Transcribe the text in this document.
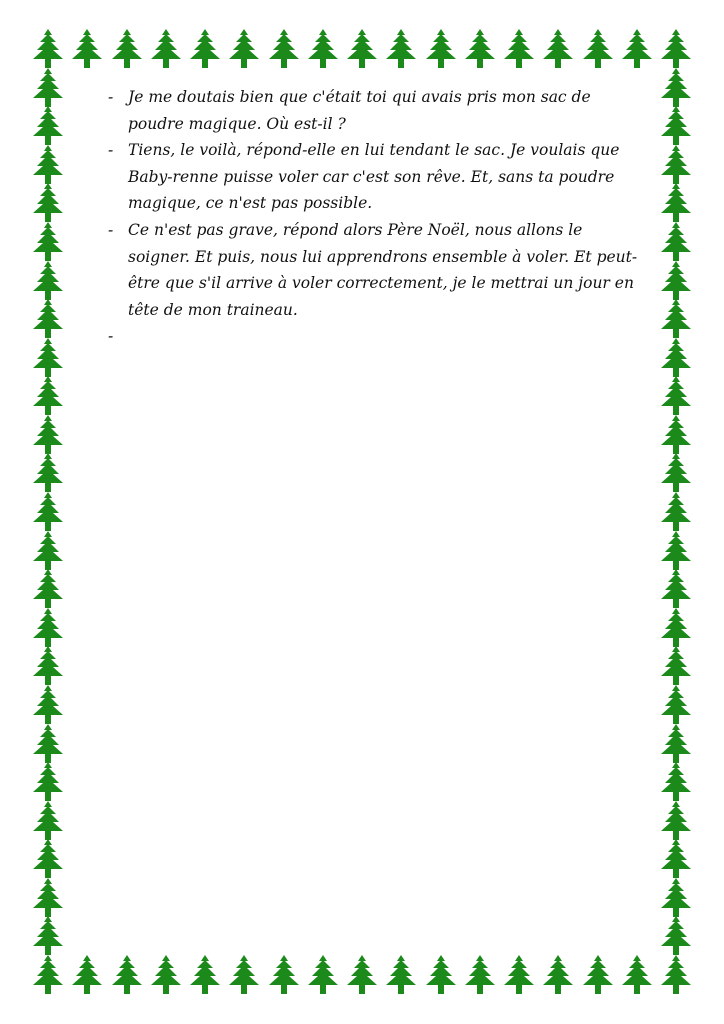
- Je me doutais bien que c'était toi qui avais pris mon sac de poudre magique. Où est-il ?
- Tiens, le voilà, répond-elle en lui tendant le sac. Je voulais que Baby-renne puisse voler car c'est son rêve. Et, sans ta poudre magique, ce n'est pas possible.
- Ce n'est pas grave, répond alors Père Noël, nous allons le soigner. Et puis, nous lui apprendrons ensemble à voler. Et peut-être que s'il arrive à voler correctement, je le mettrai un jour en tête de mon traineau.
-
